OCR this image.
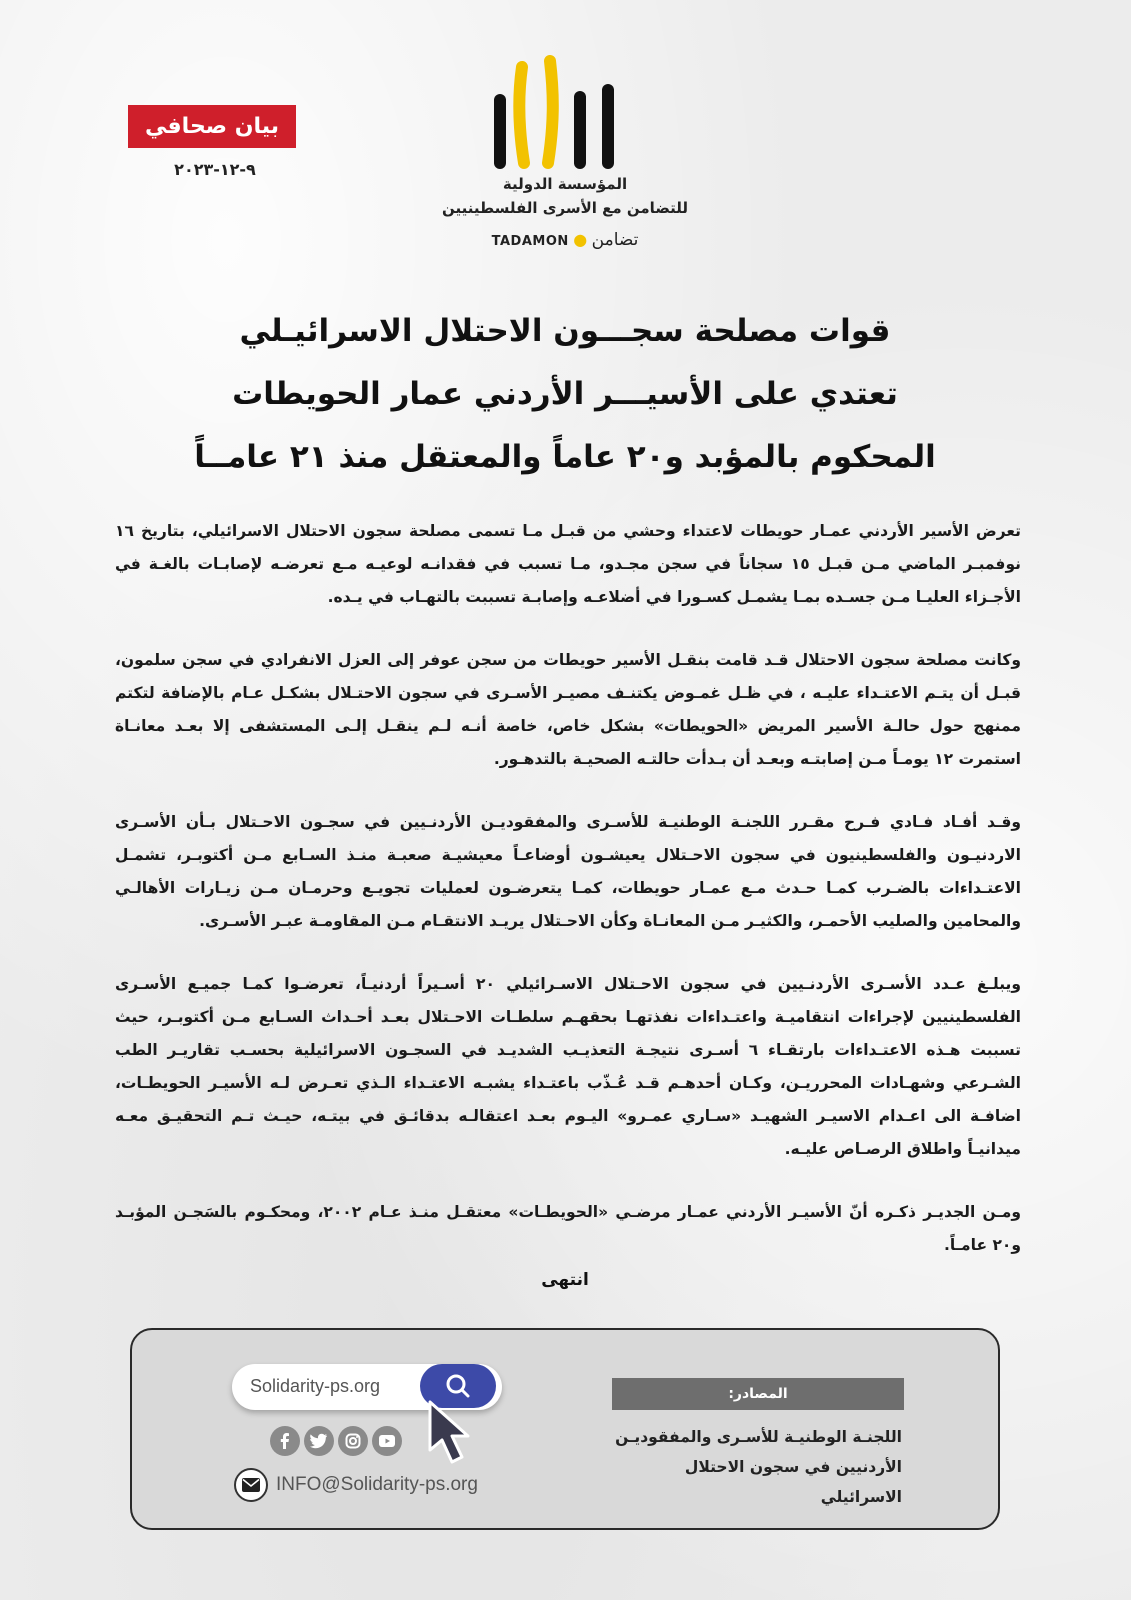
بيان صحافي
٩-١٢-٢٠٢٣
المؤسسة الدولية
للتضامن مع الأسرى الفلسطينيين
TADAMON ● تضامن
قوات مصلحة سجـــون الاحتلال الاسرائيـلي
تعتدي على الأسيـــر الأردني عمار الحويطات
المحكوم بالمؤبد و٢٠ عاماً والمعتقل منذ ٢١ عامــاً

تعرض الأسير الأردني عمـار حويطات لاعتداء وحشي من قبـل مـا تسمى مصلحة سجون الاحتلال الاسرائيلي، بتاريخ ١٦ نوفمبـر الماضي مـن قبـل ١٥ سجاناً في سجن مجـدو، مـا تسبب في فقدانـه لوعيـه مـع تعرضـه لإصابـات بالغـة في الأجـزاء العليـا مـن جسـده بمـا يشمـل كسـورا في أضلاعـه وإصابـة تسببت بالتهـاب في يـده.

وكانت مصلحة سجون الاحتلال قـد قامت بنقـل الأسير حويطات من سجن عوفر إلى العزل الانفرادي في سجن سلمون، قبـل أن يتـم الاعتـداء عليـه ، في ظـل غمـوض يكتنـف مصيـر الأسـرى في سجون الاحتـلال بشكـل عـام بالإضافة لتكتم ممنهج حول حالـة الأسير المريض «الحويطات» بشكل خاص، خاصة أنـه لـم ينقـل إلـى المستشفى إلا بعـد معانـاة استمرت ١٢ يومـاً مـن إصابتـه وبعـد أن بـدأت حالتـه الصحيـة بالتدهـور.

وقـد أفـاد فـادي فـرح مقـرر اللجنـة الوطنيـة للأسـرى والمفقوديـن الأردنـيين في سجـون الاحـتلال بـأن الأسـرى الاردنيـون والفلسطينيون في سجون الاحـتلال يعيشـون أوضاعـاً معيشيـة صعبـة منـذ السـابع مـن أكتوبـر، تشمـل الاعتـداءات بالضـرب كمـا حـدث مـع عمـار حويطات، كمـا يتعرضـون لعمليات تجويـع وحرمـان مـن زيـارات الأهالـي والمحامين والصليب الأحمـر، والكثيـر مـن المعانـاة وكأن الاحـتلال يريـد الانتقـام مـن المقاومـة عبـر الأسـرى.

ويبلـغ عـدد الأسـرى الأردنـيين في سجون الاحـتلال الاسـرائيلي ٢٠ أسـيراً أردنيـاً، تعرضـوا كمـا جميـع الأسـرى الفلسطينيين لإجراءات انتقاميـة واعتـداءات نفذتهـا بحقهـم سلطـات الاحـتلال بعـد أحـداث السـابع مـن أكتوبـر، حيث تسببت هـذه الاعتـداءات بارتقـاء ٦ أسـرى نتيجـة التعذيـب الشديـد في السجـون الاسرائيلية بحسـب تقاريـر الطب الشـرعي وشهـادات المحرريـن، وكـان أحدهـم قـد عُـذّب باعتـداء يشبـه الاعتـداء الـذي تعـرض لـه الأسيـر الحويطـات، اضافـة الى اعـدام الاسيـر الشهيـد «سـاري عمـرو» اليـوم بعـد اعتقالـه بدقائـق في بيتـه، حيـث تـم التحقيـق معـه ميدانيـاً واطلاق الرصـاص عليـه.

ومـن الجديـر ذكـره أنّ الأسيـر الأردني عمـار مرضـي «الحويطـات» معتقـل منـذ عـام ٢٠٠٢، ومحكـوم بالسَجـن المؤبـد و٢٠ عامـاً.

انتهى
Solidarity-ps.org
INFO@Solidarity-ps.org
المصادر:
اللجنـة الوطنيـة للأسـرى والمفقوديـن
الأردنيين في سجون الاحتلال الاسرائيلي
